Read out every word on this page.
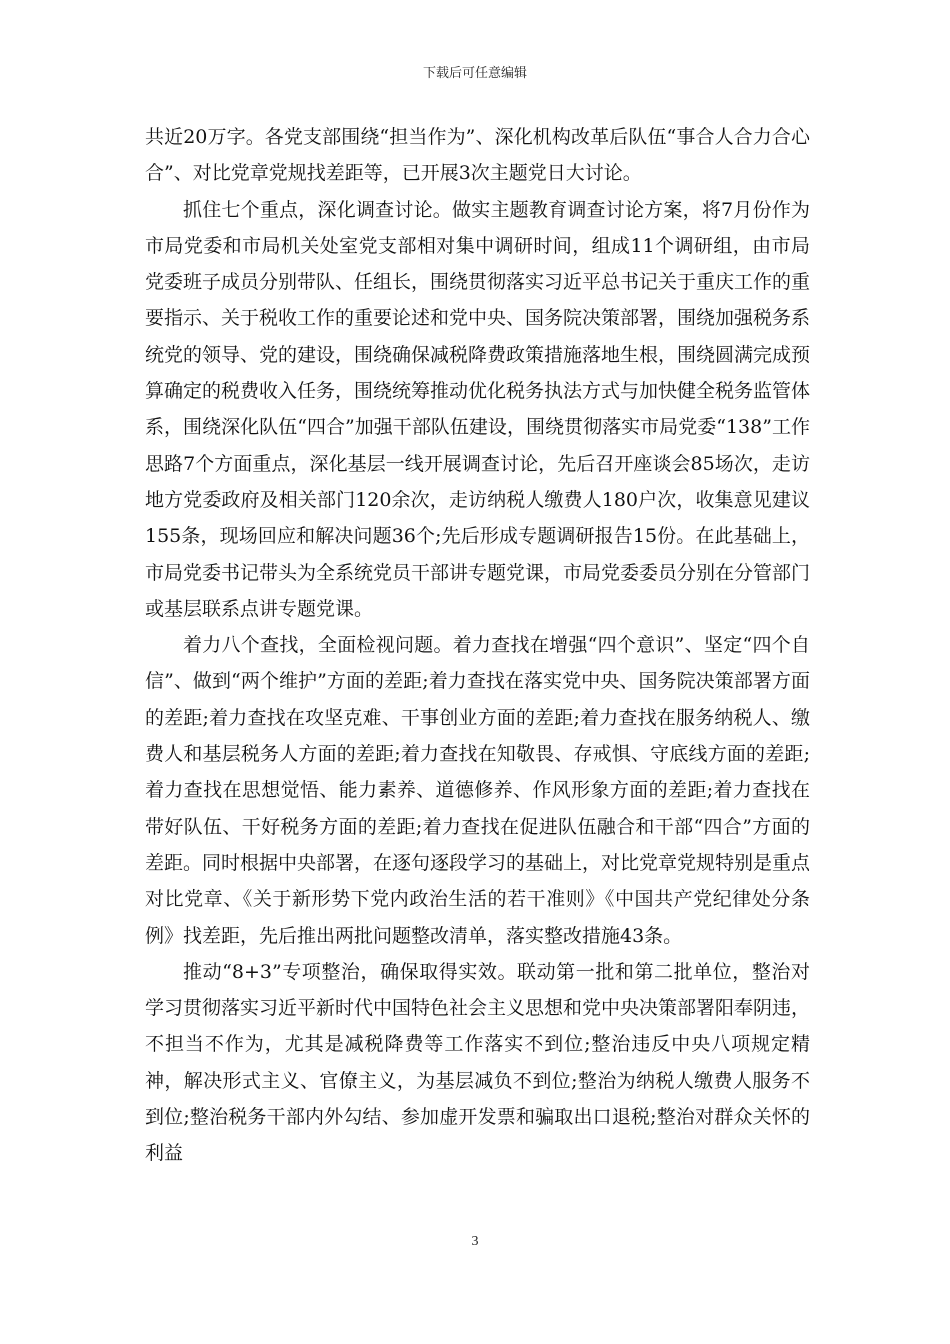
下载后可任意编辑

共近20万字。各党支部围绕“担当作为”、深化机构改革后队伍“事合人合力合心合”、对比党章党规找差距等，已开展3次主题党日大讨论。

抓住七个重点，深化调查讨论。做实主题教育调查讨论方案，将7月份作为市局党委和市局机关处室党支部相对集中调研时间，组成11个调研组，由市局党委班子成员分别带队、任组长，围绕贯彻落实习近平总书记关于重庆工作的重要指示、关于税收工作的重要论述和党中央、国务院决策部署，围绕加强税务系统党的领导、党的建设，围绕确保减税降费政策措施落地生根，围绕圆满完成预算确定的税费收入任务，围绕统筹推动优化税务执法方式与加快健全税务监管体系，围绕深化队伍“四合”加强干部队伍建设，围绕贯彻落实市局党委“138”工作思路7个方面重点，深化基层一线开展调查讨论，先后召开座谈会85场次，走访地方党委政府及相关部门120余次，走访纳税人缴费人180户次，收集意见建议155条，现场回应和解决问题36个;先后形成专题调研报告15份。在此基础上，市局党委书记带头为全系统党员干部讲专题党课，市局党委委员分别在分管部门或基层联系点讲专题党课。

着力八个查找，全面检视问题。着力查找在增强“四个意识”、坚定“四个自信”、做到“两个维护”方面的差距;着力查找在落实党中央、国务院决策部署方面的差距;着力查找在攻坚克难、干事创业方面的差距;着力查找在服务纳税人、缴费人和基层税务人方面的差距;着力查找在知敬畏、存戒惧、守底线方面的差距;着力查找在思想觉悟、能力素养、道德修养、作风形象方面的差距;着力查找在带好队伍、干好税务方面的差距;着力查找在促进队伍融合和干部“四合”方面的差距。同时根据中央部署，在逐句逐段学习的基础上，对比党章党规特别是重点对比党章、《关于新形势下党内政治生活的若干准则》《中国共产党纪律处分条例》找差距，先后推出两批问题整改清单，落实整改措施43条。

推动“8+3”专项整治，确保取得实效。联动第一批和第二批单位，整治对学习贯彻落实习近平新时代中国特色社会主义思想和党中央决策部署阳奉阴违，不担当不作为，尤其是减税降费等工作落实不到位;整治违反中央八项规定精神，解决形式主义、官僚主义，为基层减负不到位;整治为纳税人缴费人服务不到位;整治税务干部内外勾结、参加虚开发票和骗取出口退税;整治对群众关怀的利益

3
